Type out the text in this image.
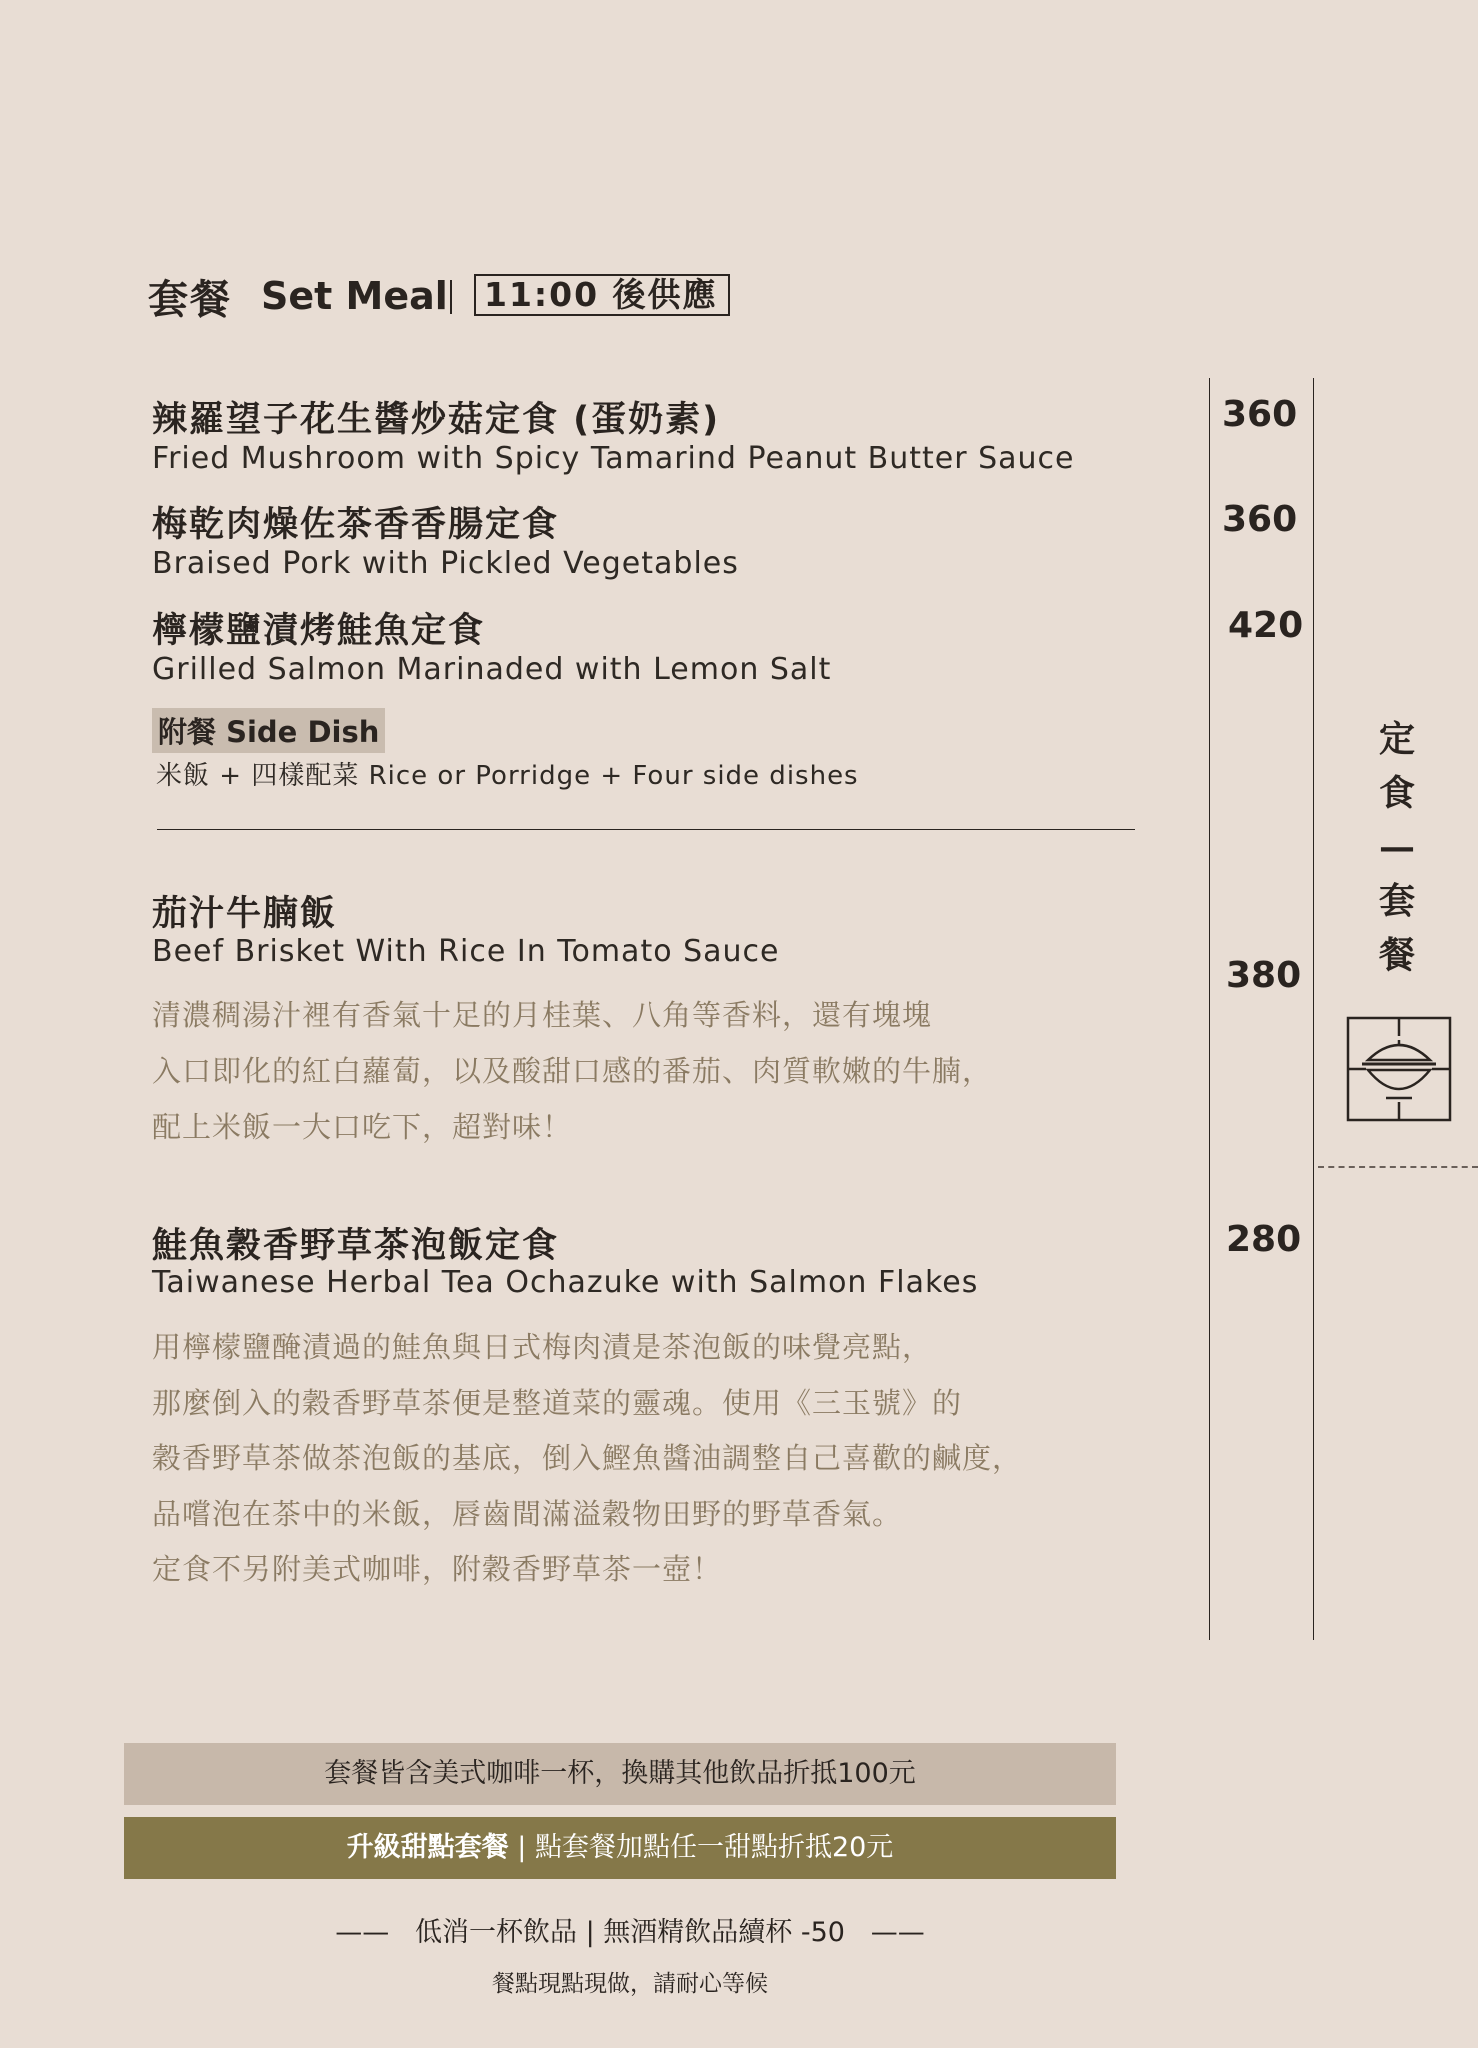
套餐 Set Meal	11:00 後供應
辣羅望子花生醬炒菇定食 (蛋奶素)
Fried Mushroom with Spicy Tamarind Peanut Butter Sauce
360
梅乾肉燥佐茶香香腸定食
Braised Pork with Pickled Vegetables
360
檸檬鹽漬烤鮭魚定食
Grilled Salmon Marinaded with Lemon Salt
420
附餐 Side Dish
米飯 + 四樣配菜 Rice or Porridge + Four side dishes
茄汁牛腩飯
Beef Brisket With Rice In Tomato Sauce
380
清濃稠湯汁裡有香氣十足的月桂葉、八角等香料，還有塊塊
入口即化的紅白蘿蔔，以及酸甜口感的番茄、肉質軟嫩的牛腩，
配上米飯一大口吃下，超對味！
鮭魚穀香野草茶泡飯定食
Taiwanese Herbal Tea Ochazuke with Salmon Flakes
280
用檸檬鹽醃漬過的鮭魚與日式梅肉漬是茶泡飯的味覺亮點，
那麼倒入的穀香野草茶便是整道菜的靈魂。使用《三玉號》的
穀香野草茶做茶泡飯的基底，倒入鰹魚醬油調整自己喜歡的鹹度，
品嚐泡在茶中的米飯，唇齒間滿溢穀物田野的野草香氣。
定食不另附美式咖啡，附穀香野草茶一壺！
定
食
—
套
餐
套餐皆含美式咖啡一杯，換購其他飲品折抵100元
升級甜點套餐 | 點套餐加點任一甜點折抵20元
——   低消一杯飲品 | 無酒精飲品續杯 -50   ——
餐點現點現做，請耐心等候
